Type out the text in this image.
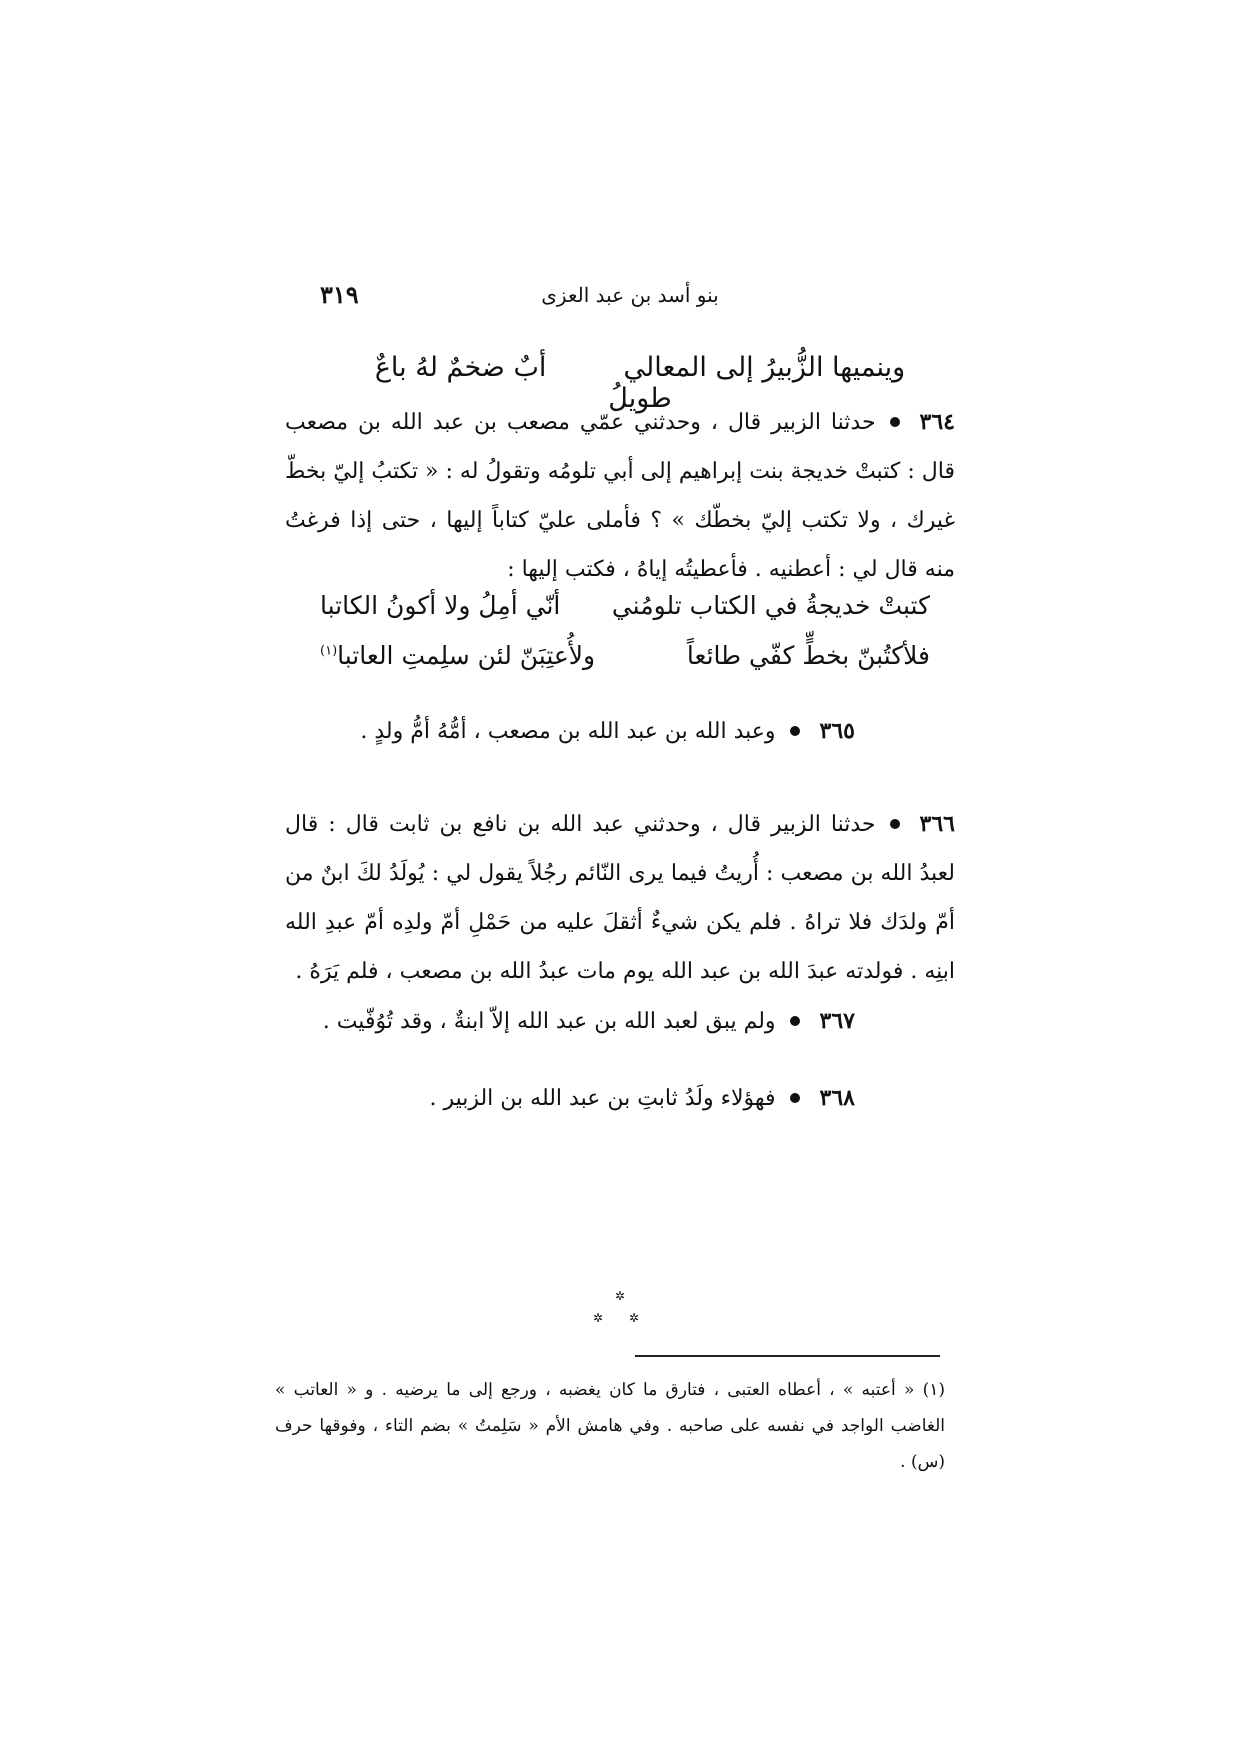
بنو أسد بن عبد العزى
٣١٩
وينميها الزُّبيرُ إلى المعالي  أبٌ ضخمٌ لهُ باعٌ طويلُ

٣٦٤حدثنا الزبير قال ، وحدثني عمّي مصعب بن عبد الله بن مصعب قال : كتبتْ خديجة بنت إبراهيم إلى أبي تلومُه وتقولُ له : « تكتبُ إليّ بخطّ غيرك ، ولا تكتب إليّ بخطّك » ؟ فأملى عليّ كتاباً إليها ، حتى إذا فرغتُ منه قال لي : أعطنيه . فأعطيتُه إياهُ ، فكتب إليها :

كتبتْ خديجةُ في الكتاب تلومُني
أنّي أمِلُ ولا أكونُ الكاتبا
فلأكتُبنّ بخطٍّ كفّي طائعاً
ولأُعتِبَنّ لئن سلِمتِ العاتبا$^{(١)}$
٣٦٥وعبد الله بن عبد الله بن مصعب ، أمُّهُ أمُّ ولدٍ .

٣٦٦حدثنا الزبير قال ، وحدثني عبد الله بن نافع بن ثابت قال : قال لعبدُ الله بن مصعب : أُريتُ فيما يرى النّائم رجُلاً يقول لي : يُولَدُ لكَ ابنٌ من أمّ ولدَك فلا تراهُ . فلم يكن شيءٌ أثقلَ عليه من حَمْلِ أمّ ولدِه أمّ عبدِ الله ابنِه . فولدته عبدَ الله بن عبد الله يوم مات عبدُ الله بن مصعب ، فلم يَرَهُ .

٣٦٧ولم يبق لعبد الله بن عبد الله إلاّ ابنةٌ ، وقد تُوُفّيت .
٣٦٨فهؤلاء ولَدُ ثابتِ بن عبد الله بن الزبير .
✲
✲ ✲

(١) « أعتبه » ، أعطاه العتبى ، فتارق ما كان يغضبه ، ورجع إلى ما يرضيه . و « العاتب » الغاضب الواجد في نفسه على صاحبه . وفي هامش الأم « سَلِمتُ » بضم التاء ، وفوقها حرف (س) .
